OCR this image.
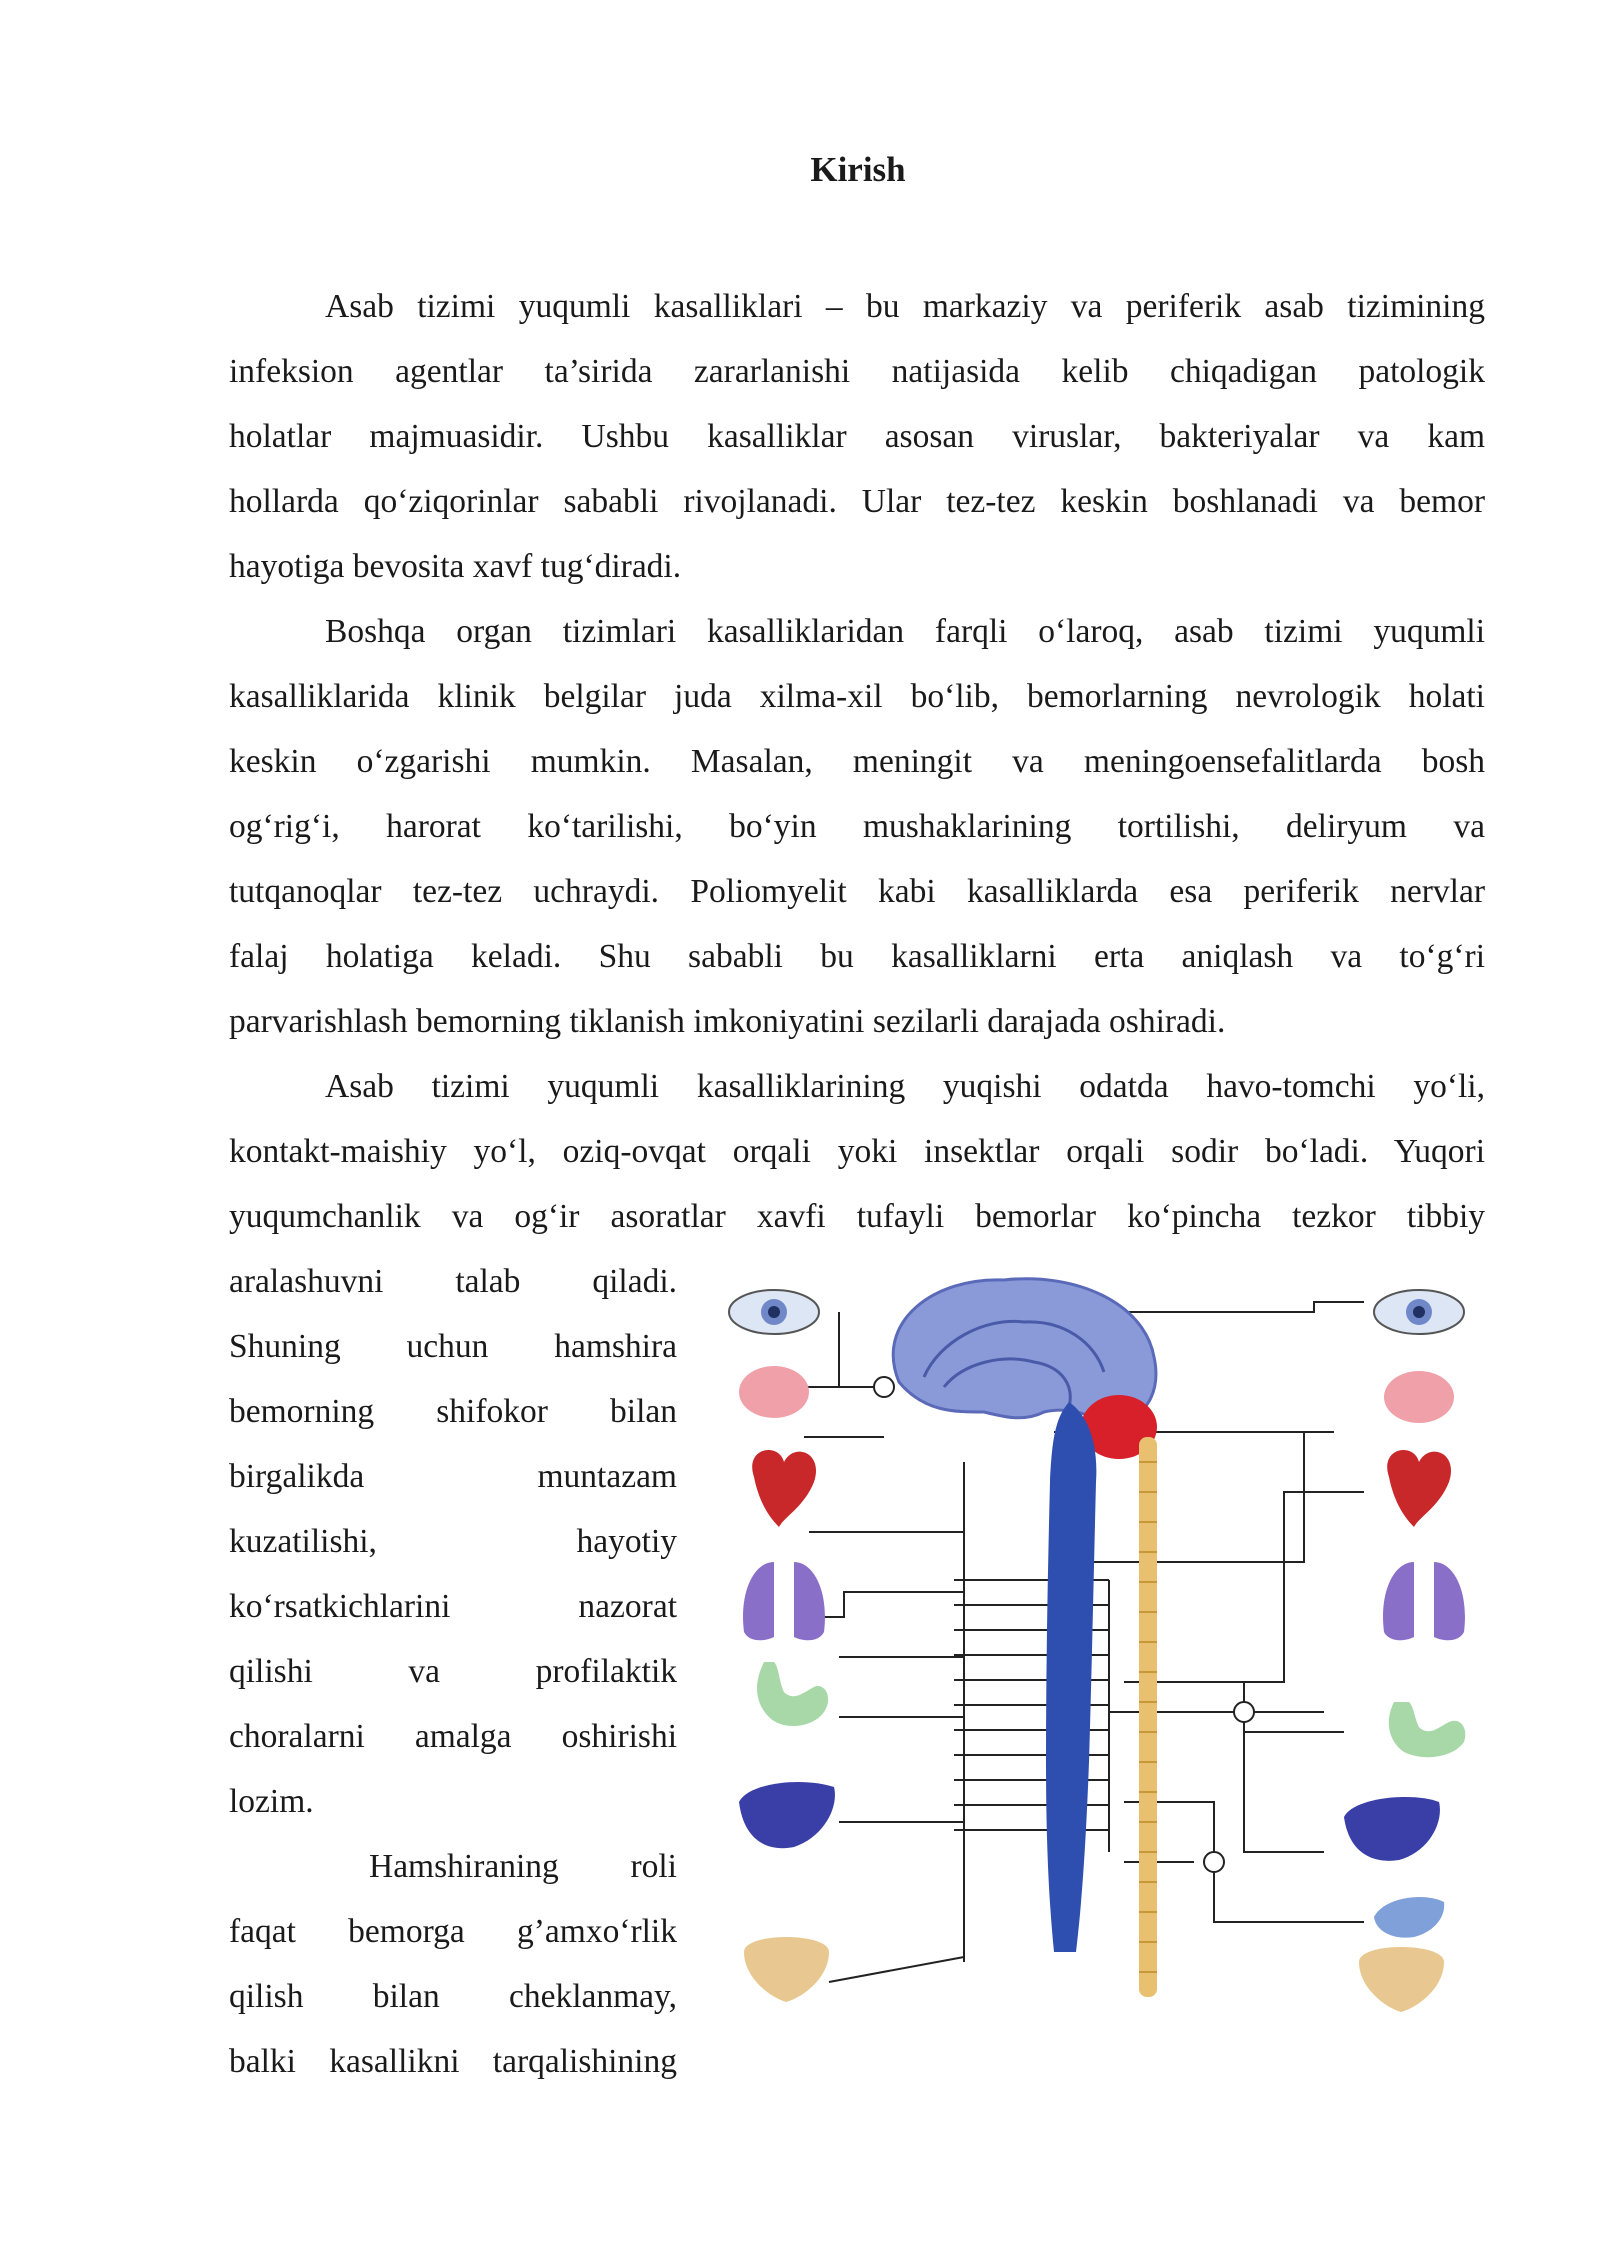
Kirish

Asab tizimi yuqumli kasalliklari – bu markaziy va periferik asab tizimining
infeksion agentlar ta’sirida zararlanishi natijasida kelib chiqadigan patologik
holatlar majmuasidir. Ushbu kasalliklar asosan viruslar, bakteriyalar va kam
hollarda qo‘ziqorinlar sababli rivojlanadi. Ular tez-tez keskin boshlanadi va bemor
hayotiga bevosita xavf tug‘diradi.

Boshqa organ tizimlari kasalliklaridan farqli o‘laroq, asab tizimi yuqumli
kasalliklarida klinik belgilar juda xilma-xil bo‘lib, bemorlarning nevrologik holati
keskin o‘zgarishi mumkin. Masalan, meningit va meningoensefalitlarda bosh
og‘rig‘i, harorat ko‘tarilishi, bo‘yin mushaklarining tortilishi, deliryum va
tutqanoqlar tez-tez uchraydi. Poliomyelit kabi kasalliklarda esa periferik nervlar
falaj holatiga keladi. Shu sababli bu kasalliklarni erta aniqlash va to‘g‘ri
parvarishlash bemorning tiklanish imkoniyatini sezilarli darajada oshiradi.

Asab tizimi yuqumli kasalliklarining yuqishi odatda havo-tomchi yo‘li,
kontakt-maishiy yo‘l, oziq-ovqat orqali yoki insektlar orqali sodir bo‘ladi. Yuqori
yuqumchanlik va og‘ir asoratlar xavfi tufayli bemorlar ko‘pincha tezkor tibbiy

aralashuvni talab qiladi.
Shuning uchun hamshira
bemorning shifokor bilan
birgalikda muntazam
kuzatilishi, hayotiy
ko‘rsatkichlarini nazorat
qilishi va profilaktik
choralarni amalga oshirishi
lozim.
Hamshiraning roli
faqat bemorga g’amxo‘rlik
qilish bilan cheklanmay,
balki kasallikni tarqalishining
